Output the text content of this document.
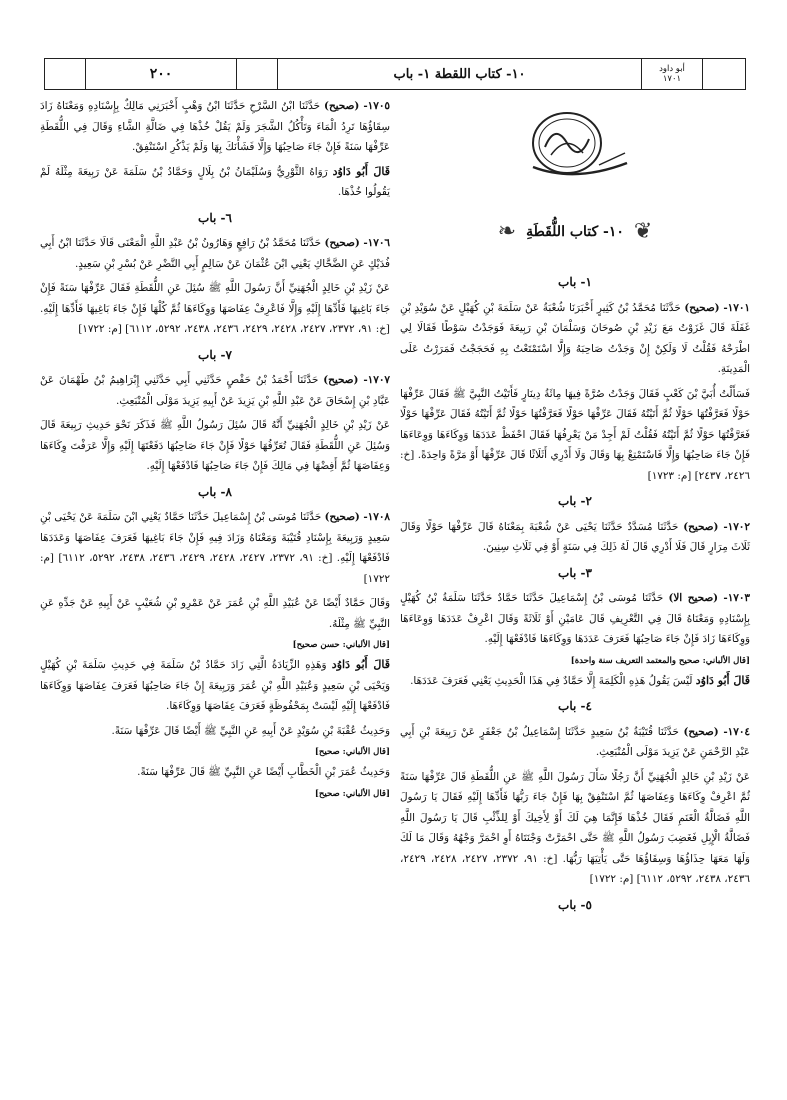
٢٠٠	١٠- كتاب اللقطة ١- باب	أبو داود
١٧٠١
❦
١٠- كتاب اللُّقَطَةِ
❧
١- باب

١٧٠١- (صحيح) حَدَّثَنَا مُحَمَّدُ بْنُ كَثِيرٍ أَخْبَرَنَا شُعْبَةُ عَنْ سَلَمَةَ بْنِ كُهَيْلٍ عَنْ سُوَيْدِ بْنِ غَفَلَةَ قَالَ غَزَوْتُ مَعَ زَيْدِ بْنِ صُوحَانَ وَسَلْمَانَ بْنِ رَبِيعَةَ فَوَجَدْتُ سَوْطًا فَقَالَا لِي اطْرَحْهُ فَقُلْتُ لَا وَلَكِنْ إِنْ وَجَدْتُ صَاحِبَهُ وَإِلَّا اسْتَمْتَعْتُ بِهِ فَحَجَجْتُ فَمَرَرْتُ عَلَى الْمَدِينَةِ.

فَسَأَلْتُ أُبَيَّ بْنَ كَعْبٍ فَقَالَ وَجَدْتُ صُرَّةً فِيهَا مِائَةُ دِينَارٍ فَأَتَيْتُ النَّبِيَّ ﷺ فَقَالَ عَرِّفْهَا حَوْلًا فَعَرَّفْتُهَا حَوْلًا ثُمَّ أَتَيْتُهُ فَقَالَ عَرِّفْهَا حَوْلًا فَعَرَّفْتُهَا حَوْلًا ثُمَّ أَتَيْتُهُ فَقَالَ عَرِّفْهَا حَوْلًا فَعَرَّفْتُهَا حَوْلًا ثُمَّ أَتَيْتُهُ فَقُلْتُ لَمْ أَجِدْ مَنْ يَعْرِفُهَا فَقَالَ احْفَظْ عَدَدَهَا وَوِكَاءَهَا وَوِعَاءَهَا فَإِنْ جَاءَ صَاحِبُهَا وَإِلَّا فَاسْتَمْتِعْ بِهَا وَقَالَ وَلَا أَدْرِي أَثَلَاثًا قَالَ عَرِّفْهَا أَوْ مَرَّةً وَاحِدَةً. [خ: ٢٤٢٦، ٢٤٣٧] [م: ١٧٢٣]

٢- باب

١٧٠٢- (صحيح) حَدَّثَنَا مُسَدَّدٌ حَدَّثَنَا يَحْيَى عَنْ شُعْبَةَ بِمَعْنَاهُ قَالَ عَرِّفْهَا حَوْلًا وَقَالَ ثَلَاثَ مِرَارٍ قَالَ فَلَا أَدْرِي قَالَ لَهُ ذَلِكَ فِي سَنَةٍ أَوْ فِي ثَلَاثِ سِنِينَ.

٣- باب

١٧٠٣- (صحيح الا) حَدَّثَنَا مُوسَى بْنُ إِسْمَاعِيلَ حَدَّثَنَا حَمَّادٌ حَدَّثَنَا سَلَمَةُ بْنُ كُهَيْلٍ بِإِسْنَادِهِ وَمَعْنَاهُ قَالَ فِي التَّعْرِيفِ قَالَ عَامَيْنِ أَوْ ثَلَاثَةً وَقَالَ اعْرِفْ عَدَدَهَا وَوِعَاءَهَا وَوِكَاءَهَا زَادَ فَإِنْ جَاءَ صَاحِبُهَا فَعَرَفَ عَدَدَهَا وَوِكَاءَهَا فَادْفَعْهَا إِلَيْهِ.

[قال الألباني: صحيح والمعتمد التعريف سنة واحدة]

قَالَ أَبُو دَاوُد لَيْسَ يَقُولُ هَذِهِ الْكَلِمَةَ إِلَّا حَمَّادٌ فِي هَذَا الْحَدِيثِ يَعْنِي فَعَرَفَ عَدَدَهَا.

٤- باب

١٧٠٤- (صحيح) حَدَّثَنَا قُتَيْبَةُ بْنُ سَعِيدٍ حَدَّثَنَا إِسْمَاعِيلُ بْنُ جَعْفَرٍ عَنْ رَبِيعَةَ بْنِ أَبِي عَبْدِ الرَّحْمَنِ عَنْ يَزِيدَ مَوْلَى الْمُنْبَعِثِ.

عَنْ زَيْدِ بْنِ خَالِدٍ الْجُهَنِيِّ أَنَّ رَجُلًا سَأَلَ رَسُولَ اللَّهِ ﷺ عَنِ اللُّقَطَةِ قَالَ عَرِّفْهَا سَنَةً ثُمَّ اعْرِفْ وِكَاءَهَا وَعِفَاصَهَا ثُمَّ اسْتَنْفِقْ بِهَا فَإِنْ جَاءَ رَبُّهَا فَأَدِّهَا إِلَيْهِ فَقَالَ يَا رَسُولَ اللَّهِ فَضَالَّةُ الْغَنَمِ فَقَالَ خُذْهَا فَإِنَّمَا هِيَ لَكَ أَوْ لِأَخِيكَ أَوْ لِلذِّئْبِ قَالَ يَا رَسُولَ اللَّهِ فَضَالَّةُ الْإِبِلِ فَغَضِبَ رَسُولُ اللَّهِ ﷺ حَتَّى احْمَرَّتْ وَجْنَتَاهُ أَوِ احْمَرَّ وَجْهُهُ وَقَالَ مَا لَكَ وَلَهَا مَعَهَا حِذَاؤُهَا وَسِقَاؤُهَا حَتَّى يَأْتِيَهَا رَبُّهَا. [خ: ٩١، ٢٣٧٢، ٢٤٢٧، ٢٤٢٨، ٢٤٢٩، ٢٤٣٦، ٢٤٣٨، ٥٢٩٢، ٦١١٢] [م: ١٧٢٢]

٥- باب

١٧٠٥- (صحيح) حَدَّثَنَا ابْنُ السَّرْحِ حَدَّثَنَا ابْنُ وَهْبٍ أَخْبَرَنِي مَالِكٌ بِإِسْنَادِهِ وَمَعْنَاهُ زَادَ سِقَاؤُهَا تَرِدُ الْمَاءَ وَتَأْكُلُ الشَّجَرَ وَلَمْ يَقُلْ خُذْهَا فِي ضَالَّةِ الشَّاءِ وَقَالَ فِي اللُّقَطَةِ عَرِّفْهَا سَنَةً فَإِنْ جَاءَ صَاحِبُهَا وَإِلَّا فَشَأْنَكَ بِهَا وَلَمْ يَذْكُرِ اسْتَنْفِقْ.

قَالَ أَبُو دَاوُد رَوَاهُ الثَّوْرِيُّ وَسُلَيْمَانُ بْنُ بِلَالٍ وَحَمَّادُ بْنُ سَلَمَةَ عَنْ رَبِيعَةَ مِثْلَهُ لَمْ يَقُولُوا خُذْهَا.

٦- باب

١٧٠٦- (صحيح) حَدَّثَنَا مُحَمَّدُ بْنُ رَافِعٍ وَهَارُونُ بْنُ عَبْدِ اللَّهِ الْمَعْنَى قَالَا حَدَّثَنَا ابْنُ أَبِي فُدَيْكٍ عَنِ الضَّحَّاكِ يَعْنِي ابْنَ عُثْمَانَ عَنْ سَالِمٍ أَبِي النَّضْرِ عَنْ بُسْرِ بْنِ سَعِيدٍ.

عَنْ زَيْدِ بْنِ خَالِدٍ الْجُهَنِيِّ أَنَّ رَسُولَ اللَّهِ ﷺ سُئِلَ عَنِ اللُّقَطَةِ فَقَالَ عَرِّفْهَا سَنَةً فَإِنْ جَاءَ بَاغِيهَا فَأَدِّهَا إِلَيْهِ وَإِلَّا فَاعْرِفْ عِفَاصَهَا وَوِكَاءَهَا ثُمَّ كُلْهَا فَإِنْ جَاءَ بَاغِيهَا فَأَدِّهَا إِلَيْهِ. [خ: ٩١، ٢٣٧٢، ٢٤٢٧، ٢٤٢٨، ٢٤٢٩، ٢٤٣٦، ٢٤٣٨، ٥٢٩٢، ٦١١٢] [م: ١٧٢٢]

٧- باب

١٧٠٧- (صحيح) حَدَّثَنَا أَحْمَدُ بْنُ حَفْصٍ حَدَّثَنِي أَبِي حَدَّثَنِي إِبْرَاهِيمُ بْنُ طَهْمَانَ عَنْ عَبَّادِ بْنِ إِسْحَاقَ عَنْ عَبْدِ اللَّهِ بْنِ يَزِيدَ عَنْ أَبِيهِ يَزِيدَ مَوْلَى الْمُنْبَعِثِ.

عَنْ زَيْدِ بْنِ خَالِدٍ الْجُهَنِيِّ أَنَّهُ قَالَ سُئِلَ رَسُولُ اللَّهِ ﷺ فَذَكَرَ نَحْوَ حَدِيثِ رَبِيعَةَ قَالَ وَسُئِلَ عَنِ اللُّقَطَةِ فَقَالَ تُعَرِّفُهَا حَوْلًا فَإِنْ جَاءَ صَاحِبُهَا دَفَعْتَهَا إِلَيْهِ وَإِلَّا عَرَفْتَ وِكَاءَهَا وَعِفَاصَهَا ثُمَّ أَفِضْهَا فِي مَالِكَ فَإِنْ جَاءَ صَاحِبُهَا فَادْفَعْهَا إِلَيْهِ.

٨- باب

١٧٠٨- (صحيح) حَدَّثَنَا مُوسَى بْنُ إِسْمَاعِيلَ حَدَّثَنَا حَمَّادٌ يَعْنِي ابْنَ سَلَمَةَ عَنْ يَحْيَى بْنِ سَعِيدٍ وَرَبِيعَةَ بِإِسْنَادِ قُتَيْبَةَ وَمَعْنَاهُ وَزَادَ فِيهِ فَإِنْ جَاءَ بَاغِيهَا فَعَرَفَ عِفَاصَهَا وَعَدَدَهَا فَادْفَعْهَا إِلَيْهِ. [خ: ٩١، ٢٣٧٢، ٢٤٢٧، ٢٤٢٨، ٢٤٢٩، ٢٤٣٦، ٢٤٣٨، ٥٢٩٢، ٦١١٢] [م: ١٧٢٢]

وَقَالَ حَمَّادٌ أَيْضًا عَنْ عُبَيْدِ اللَّهِ بْنِ عُمَرَ عَنْ عَمْرِو بْنِ شُعَيْبٍ عَنْ أَبِيهِ عَنْ جَدِّهِ عَنِ النَّبِيِّ ﷺ مِثْلَهُ.

[قال الألباني: حسن صحيح]

قَالَ أَبُو دَاوُد وَهَذِهِ الزِّيَادَةُ الَّتِي زَادَ حَمَّادُ بْنُ سَلَمَةَ فِي حَدِيثِ سَلَمَةَ بْنِ كُهَيْلٍ وَيَحْيَى بْنِ سَعِيدٍ وَعُبَيْدِ اللَّهِ بْنِ عُمَرَ وَرَبِيعَةَ إِنْ جَاءَ صَاحِبُهَا فَعَرَفَ عِفَاصَهَا وَوِكَاءَهَا فَادْفَعْهَا إِلَيْهِ لَيْسَتْ بِمَحْفُوظَةٍ فَعَرَفَ عِفَاصَهَا وَوِكَاءَهَا.

وَحَدِيثُ عُقْبَةَ بْنِ سُوَيْدٍ عَنْ أَبِيهِ عَنِ النَّبِيِّ ﷺ أَيْضًا قَالَ عَرِّفْهَا سَنَةً.

[قال الألباني: صحيح]

وَحَدِيثُ عُمَرَ بْنِ الْخَطَّابِ أَيْضًا عَنِ النَّبِيِّ ﷺ قَالَ عَرِّفْهَا سَنَةً.

[قال الألباني: صحيح]
